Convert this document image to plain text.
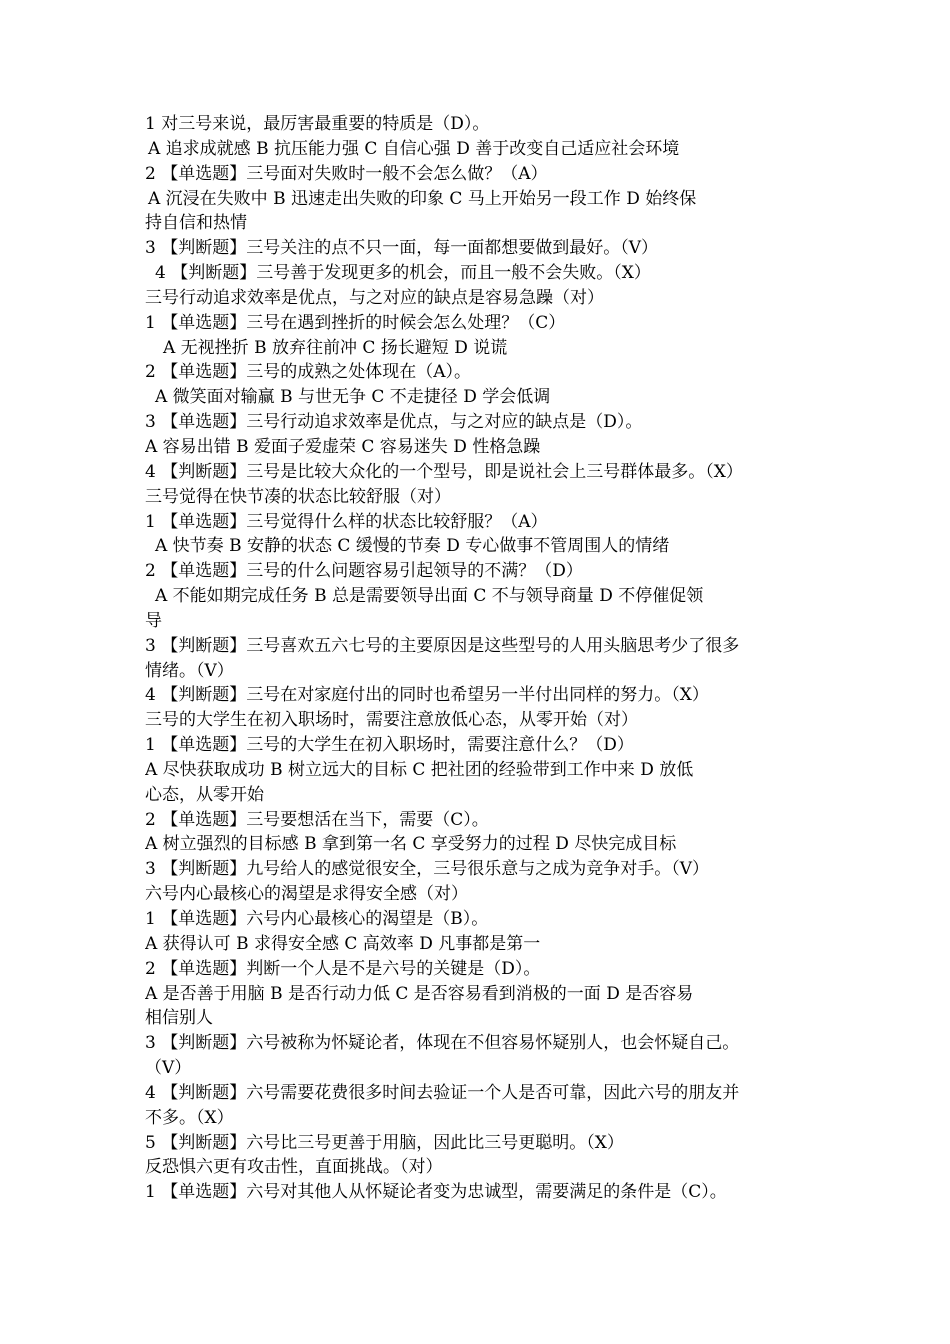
1 对三号来说，最厉害最重要的特质是（D）。
A 追求成就感 B 抗压能力强 C 自信心强 D 善于改变自己适应社会环境
2 【单选题】三号面对失败时一般不会怎么做？（A）
A 沉浸在失败中 B 迅速走出失败的印象 C 马上开始另一段工作 D 始终保
持自信和热情
3 【判断题】三号关注的点不只一面，每一面都想要做到最好。（V）
4 【判断题】三号善于发现更多的机会，而且一般不会失败。（X）
三号行动追求效率是优点，与之对应的缺点是容易急躁（对）
1 【单选题】三号在遇到挫折的时候会怎么处理？（C）
A 无视挫折 B 放弃往前冲 C 扬长避短 D 说谎
2 【单选题】三号的成熟之处体现在（A）。
A 微笑面对输赢 B 与世无争 C 不走捷径 D 学会低调
3 【单选题】三号行动追求效率是优点，与之对应的缺点是（D）。
A 容易出错 B 爱面子爱虚荣 C 容易迷失 D 性格急躁
4 【判断题】三号是比较大众化的一个型号，即是说社会上三号群体最多。（X）
三号觉得在快节凑的状态比较舒服（对）
1 【单选题】三号觉得什么样的状态比较舒服？（A）
A 快节奏 B 安静的状态 C 缓慢的节奏 D 专心做事不管周围人的情绪
2 【单选题】三号的什么问题容易引起领导的不满？（D）
A 不能如期完成任务 B 总是需要领导出面 C 不与领导商量 D 不停催促领
导
3 【判断题】三号喜欢五六七号的主要原因是这些型号的人用头脑思考少了很多
情绪。（V）
4 【判断题】三号在对家庭付出的同时也希望另一半付出同样的努力。（X）
三号的大学生在初入职场时，需要注意放低心态，从零开始（对）
1 【单选题】三号的大学生在初入职场时，需要注意什么？（D）
A 尽快获取成功 B 树立远大的目标 C 把社团的经验带到工作中来 D 放低
心态，从零开始
2 【单选题】三号要想活在当下，需要（C）。
A 树立强烈的目标感 B 拿到第一名 C 享受努力的过程 D 尽快完成目标
3 【判断题】九号给人的感觉很安全，三号很乐意与之成为竞争对手。（V）
六号内心最核心的渴望是求得安全感（对）
1 【单选题】六号内心最核心的渴望是（B）。
A 获得认可 B 求得安全感 C 高效率 D 凡事都是第一
2 【单选题】判断一个人是不是六号的关键是（D）。
A 是否善于用脑 B 是否行动力低 C 是否容易看到消极的一面 D 是否容易
相信别人
3 【判断题】六号被称为怀疑论者，体现在不但容易怀疑别人，也会怀疑自己。
（V）
4 【判断题】六号需要花费很多时间去验证一个人是否可靠，因此六号的朋友并
不多。（X）
5 【判断题】六号比三号更善于用脑，因此比三号更聪明。（X）
反恐惧六更有攻击性，直面挑战。（对）
1 【单选题】六号对其他人从怀疑论者变为忠诚型，需要满足的条件是（C）。
